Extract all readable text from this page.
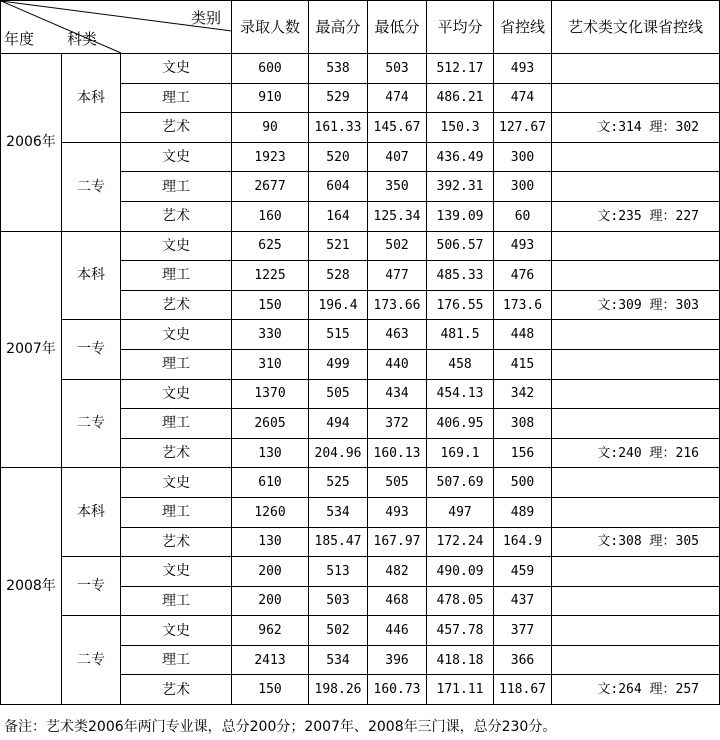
类别
年度 科类			录取人数	最高分	最低分	平均分	省控线	艺术类文化课省控线
2006年	本科	文史	600	538	503	512.17	493	
		理工	910	529	474	486.21	474	
		艺术	90	161.33	145.67	150.3	127.67	文:314 理：302
	二专	文史	1923	520	407	436.49	300	
		理工	2677	604	350	392.31	300	
		艺术	160	164	125.34	139.09	60	文:235 理：227
2007年	本科	文史	625	521	502	506.57	493	
		理工	1225	528	477	485.33	476	
		艺术	150	196.4	173.66	176.55	173.6	文:309 理：303
	一专	文史	330	515	463	481.5	448	
		理工	310	499	440	458	415	
	二专	文史	1370	505	434	454.13	342	
		理工	2605	494	372	406.95	308	
		艺术	130	204.96	160.13	169.1	156	文:240 理：216
2008年	本科	文史	610	525	505	507.69	500	
		理工	1260	534	493	497	489	
		艺术	130	185.47	167.97	172.24	164.9	文:308 理：305
	一专	文史	200	513	482	490.09	459	
		理工	200	503	468	478.05	437	
	二专	文史	962	502	446	457.78	377	
		理工	2413	534	396	418.18	366	
		艺术	150	198.26	160.73	171.11	118.67	文:264 理：257
备注：艺术类2006年两门专业课，总分200分；2007年、2008年三门课，总分230分。
